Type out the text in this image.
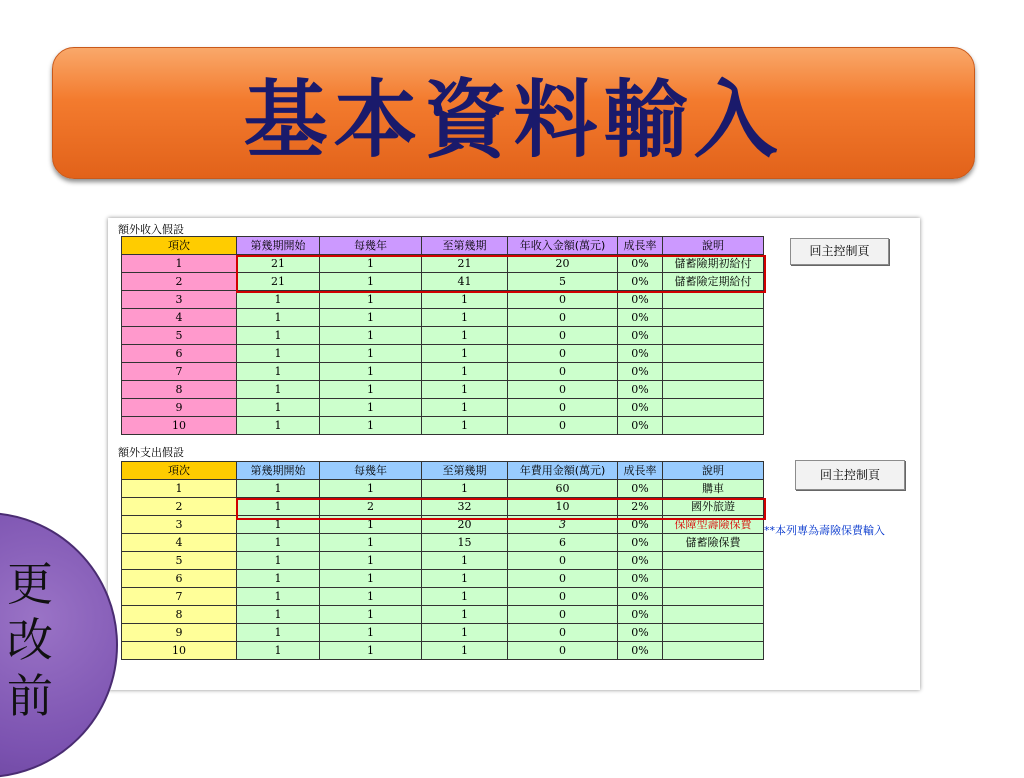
基本資料輸入
額外收入假設
項次	第幾期開始	每幾年	至第幾期	年收入金額(萬元)	成長率	說明
1	21	1	21	20	0%	儲蓄險期初給付
2	21	1	41	5	0%	儲蓄險定期給付
3	1	1	1	0	0%	
4	1	1	1	0	0%	
5	1	1	1	0	0%	
6	1	1	1	0	0%	
7	1	1	1	0	0%	
8	1	1	1	0	0%	
9	1	1	1	0	0%	
10	1	1	1	0	0%	
回主控制頁
額外支出假設
項次	第幾期開始	每幾年	至第幾期	年費用金額(萬元)	成長率	說明
1	1	1	1	60	0%	購車
2	1	2	32	10	2%	國外旅遊
3	1	1	20	3	0%	保障型壽險保費
4	1	1	15	6	0%	儲蓄險保費
5	1	1	1	0	0%	
6	1	1	1	0	0%	
7	1	1	1	0	0%	
8	1	1	1	0	0%	
9	1	1	1	0	0%	
10	1	1	1	0	0%	
回主控制頁
**本列專為壽險保費輸入
更
改
前
